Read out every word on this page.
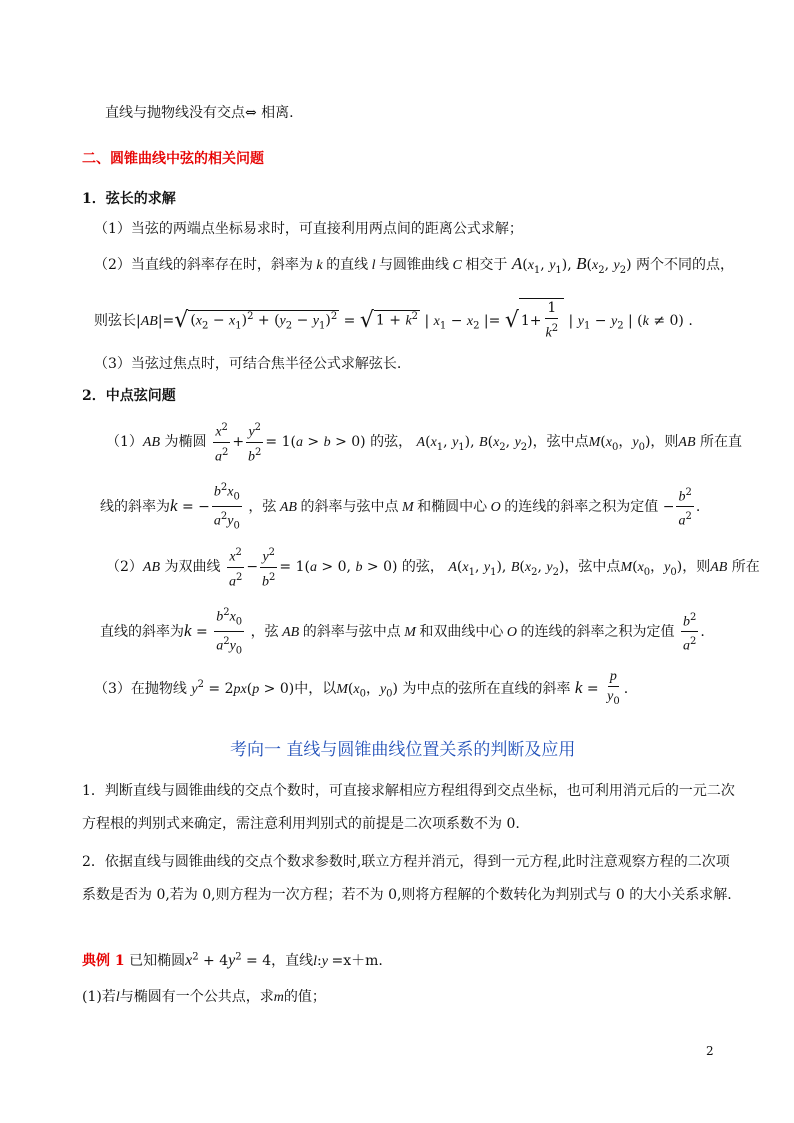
直线与抛物线没有交点⇔ 相离.
二、圆锥曲线中弦的相关问题
1．弦长的求解
（1）当弦的两端点坐标易求时，可直接利用两点间的距离公式求解；
（2）当直线的斜率存在时，斜率为 k 的直线 l 与圆锥曲线 C 相交于 $A(x_1$, $y_1$), $B(x_2$, $y_2$) 两个不同的点，
则弦长|AB|=√ $(x_2 - x_1)^2 + (y_2 - y_1)^2$ = √ $1 + k^2$ | $x_1 - x_2$ |= √ $1+ \frac{1}{k^2}$ | $y_1 - y_2$ | (k ≠ 0) .
（3）当弦过焦点时，可结合焦半径公式求解弦长.
2．中点弦问题
（1）AB 为椭圆 $\frac{x^2}{a^2} + \frac{y^2}{b^2} = 1(a > b > 0)$ 的弦， $A(x_1$, $y_1$), $B(x_2$, $y_2$)，弦中点$M(x_0$，$y_0$)，则AB 所在直
线的斜率为k = − $\frac{b^2x_0}{a^2y_0}$ ，弦 AB 的斜率与弦中点 M 和椭圆中心 O 的连线的斜率之积为定值 − $\frac{b^2}{a^2}$ .
（2）AB 为双曲线 $\frac{x^2}{a^2} - \frac{y^2}{b^2} = 1(a > 0$, b > 0) 的弦， $A(x_1$, $y_1$), $B(x_2$, $y_2$)，弦中点$M(x_0$，$y_0$)，则AB 所在
直线的斜率为$k = \frac{b^2x_0}{a^2y_0}$ ，弦 AB 的斜率与弦中点 M 和双曲线中心 O 的连线的斜率之积为定值 $\frac{b^2}{a^2}$ .
（3）在抛物线 $y^2 = 2px(p > 0)$中，以$M(x_0$，$y_0$) 为中点的弦所在直线的斜率 $k = \frac{p}{y_0}$ .
考向一 直线与圆锥曲线位置关系的判断及应用
1．判断直线与圆锥曲线的交点个数时，可直接求解相应方程组得到交点坐标，也可利用消元后的一元二次
方程根的判别式来确定，需注意利用判别式的前提是二次项系数不为 0.
2．依据直线与圆锥曲线的交点个数求参数时,联立方程并消元，得到一元方程,此时注意观察方程的二次项
系数是否为 0,若为 0,则方程为一次方程；若不为 0,则将方程解的个数转化为判别式与 0 的大小关系求解.
典例 1 已知椭圆$x^2 + 4y^2 = 4$，直线l:y =x＋m.
(1)若l与椭圆有一个公共点，求m的值；
2
